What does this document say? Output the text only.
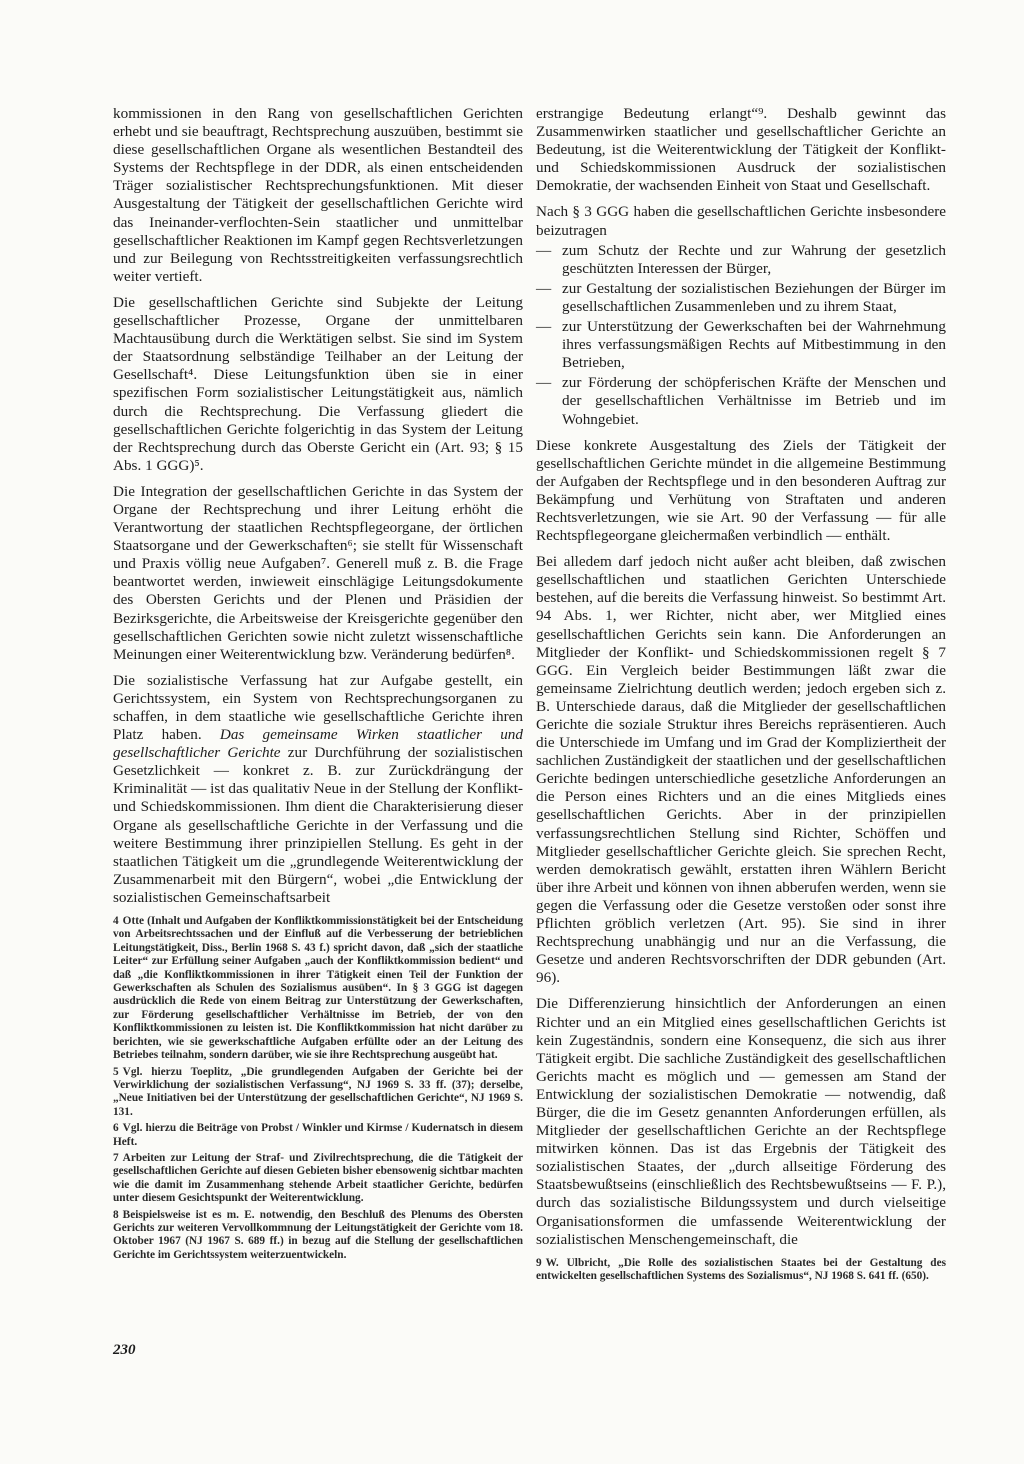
kommissionen in den Rang von gesellschaftlichen Gerichten erhebt und sie beauftragt, Rechtsprechung auszuüben, bestimmt sie diese gesellschaftlichen Organe als wesentlichen Bestandteil des Systems der Rechtspflege in der DDR, als einen entscheidenden Träger sozialistischer Rechtsprechungsfunktionen. Mit dieser Ausgestaltung der Tätigkeit der gesellschaftlichen Gerichte wird das Ineinander-verflochten-Sein staatlicher und unmittelbar gesellschaftlicher Reaktionen im Kampf gegen Rechtsverletzungen und zur Beilegung von Rechtsstreitigkeiten verfassungsrechtlich weiter vertieft.

Die gesellschaftlichen Gerichte sind Subjekte der Leitung gesellschaftlicher Prozesse, Organe der unmittelbaren Machtausübung durch die Werktätigen selbst. Sie sind im System der Staatsordnung selbständige Teilhaber an der Leitung der Gesellschaft⁴. Diese Leitungsfunktion üben sie in einer spezifischen Form sozialistischer Leitungstätigkeit aus, nämlich durch die Rechtsprechung. Die Verfassung gliedert die gesellschaftlichen Gerichte folgerichtig in das System der Leitung der Rechtsprechung durch das Oberste Gericht ein (Art. 93; § 15 Abs. 1 GGG)⁵.

Die Integration der gesellschaftlichen Gerichte in das System der Organe der Rechtsprechung und ihrer Leitung erhöht die Verantwortung der staatlichen Rechtspflegeorgane, der örtlichen Staatsorgane und der Gewerkschaften⁶; sie stellt für Wissenschaft und Praxis völlig neue Aufgaben⁷. Generell muß z. B. die Frage beantwortet werden, inwieweit einschlägige Leitungsdokumente des Obersten Gerichts und der Plenen und Präsidien der Bezirksgerichte, die Arbeitsweise der Kreisgerichte gegenüber den gesellschaftlichen Gerichten sowie nicht zuletzt wissenschaftliche Meinungen einer Weiterentwicklung bzw. Veränderung bedürfen⁸.

Die sozialistische Verfassung hat zur Aufgabe gestellt, ein Gerichtssystem, ein System von Rechtsprechungsorganen zu schaffen, in dem staatliche wie gesellschaftliche Gerichte ihren Platz haben. Das gemeinsame Wirken staatlicher und gesellschaftlicher Gerichte zur Durchführung der sozialistischen Gesetzlichkeit — konkret z. B. zur Zurückdrängung der Kriminalität — ist das qualitativ Neue in der Stellung der Konflikt- und Schiedskommissionen. Ihm dient die Charakterisierung dieser Organe als gesellschaftliche Gerichte in der Verfassung und die weitere Bestimmung ihrer prinzipiellen Stellung. Es geht in der staatlichen Tätigkeit um die „grundlegende Weiterentwicklung der Zusammenarbeit mit den Bürgern“, wobei „die Entwicklung der sozialistischen Gemeinschaftsarbeit

4 Otte (Inhalt und Aufgaben der Konfliktkommissionstätigkeit bei der Entscheidung von Arbeitsrechtssachen und der Einfluß auf die Verbesserung der betrieblichen Leitungstätigkeit, Diss., Berlin 1968 S. 43 f.) spricht davon, daß „sich der staatliche Leiter“ zur Erfüllung seiner Aufgaben „auch der Konfliktkommission bedient“ und daß „die Konfliktkommissionen in ihrer Tätigkeit einen Teil der Funktion der Gewerkschaften als Schulen des Sozialismus ausüben“. In § 3 GGG ist dagegen ausdrücklich die Rede von einem Beitrag zur Unterstützung der Gewerkschaften, zur Förderung gesellschaftlicher Verhältnisse im Betrieb, der von den Konfliktkommissionen zu leisten ist. Die Konfliktkommission hat nicht darüber zu berichten, wie sie gewerkschaftliche Aufgaben erfüllte oder an der Leitung des Betriebes teilnahm, sondern darüber, wie sie ihre Rechtsprechung ausgeübt hat.

5 Vgl. hierzu Toeplitz, „Die grundlegenden Aufgaben der Gerichte bei der Verwirklichung der sozialistischen Verfassung“, NJ 1969 S. 33 ff. (37); derselbe, „Neue Initiativen bei der Unterstützung der gesellschaftlichen Gerichte“, NJ 1969 S. 131.

6 Vgl. hierzu die Beiträge von Probst / Winkler und Kirmse / Kudernatsch in diesem Heft.

7 Arbeiten zur Leitung der Straf- und Zivilrechtsprechung, die die Tätigkeit der gesellschaftlichen Gerichte auf diesen Gebieten bisher ebensowenig sichtbar machten wie die damit im Zusammenhang stehende Arbeit staatlicher Gerichte, bedürfen unter diesem Gesichtspunkt der Weiterentwicklung.

8 Beispielsweise ist es m. E. notwendig, den Beschluß des Plenums des Obersten Gerichts zur weiteren Vervollkommnung der Leitungstätigkeit der Gerichte vom 18. Oktober 1967 (NJ 1967 S. 689 ff.) in bezug auf die Stellung der gesellschaftlichen Gerichte im Gerichtssystem weiterzuentwickeln.

erstrangige Bedeutung erlangt“⁹. Deshalb gewinnt das Zusammenwirken staatlicher und gesellschaftlicher Gerichte an Bedeutung, ist die Weiterentwicklung der Tätigkeit der Konflikt- und Schiedskommissionen Ausdruck der sozialistischen Demokratie, der wachsenden Einheit von Staat und Gesellschaft.

Nach § 3 GGG haben die gesellschaftlichen Gerichte insbesondere beizutragen

— zum Schutz der Rechte und zur Wahrung der gesetzlich geschützten Interessen der Bürger,
— zur Gestaltung der sozialistischen Beziehungen der Bürger im gesellschaftlichen Zusammenleben und zu ihrem Staat,
— zur Unterstützung der Gewerkschaften bei der Wahrnehmung ihres verfassungsmäßigen Rechts auf Mitbestimmung in den Betrieben,
— zur Förderung der schöpferischen Kräfte der Menschen und der gesellschaftlichen Verhältnisse im Betrieb und im Wohngebiet.

Diese konkrete Ausgestaltung des Ziels der Tätigkeit der gesellschaftlichen Gerichte mündet in die allgemeine Bestimmung der Aufgaben der Rechtspflege und in den besonderen Auftrag zur Bekämpfung und Verhütung von Straftaten und anderen Rechtsverletzungen, wie sie Art. 90 der Verfassung — für alle Rechtspflegeorgane gleichermaßen verbindlich — enthält.

Bei alledem darf jedoch nicht außer acht bleiben, daß zwischen gesellschaftlichen und staatlichen Gerichten Unterschiede bestehen, auf die bereits die Verfassung hinweist. So bestimmt Art. 94 Abs. 1, wer Richter, nicht aber, wer Mitglied eines gesellschaftlichen Gerichts sein kann. Die Anforderungen an Mitglieder der Konflikt- und Schiedskommissionen regelt § 7 GGG. Ein Vergleich beider Bestimmungen läßt zwar die gemeinsame Zielrichtung deutlich werden; jedoch ergeben sich z. B. Unterschiede daraus, daß die Mitglieder der gesellschaftlichen Gerichte die soziale Struktur ihres Bereichs repräsentieren. Auch die Unterschiede im Umfang und im Grad der Kompliziertheit der sachlichen Zuständigkeit der staatlichen und der gesellschaftlichen Gerichte bedingen unterschiedliche gesetzliche Anforderungen an die Person eines Richters und an die eines Mitglieds eines gesellschaftlichen Gerichts. Aber in der prinzipiellen verfassungsrechtlichen Stellung sind Richter, Schöffen und Mitglieder gesellschaftlicher Gerichte gleich. Sie sprechen Recht, werden demokratisch gewählt, erstatten ihren Wählern Bericht über ihre Arbeit und können von ihnen abberufen werden, wenn sie gegen die Verfassung oder die Gesetze verstoßen oder sonst ihre Pflichten gröblich verletzen (Art. 95). Sie sind in ihrer Rechtsprechung unabhängig und nur an die Verfassung, die Gesetze und anderen Rechtsvorschriften der DDR gebunden (Art. 96).

Die Differenzierung hinsichtlich der Anforderungen an einen Richter und an ein Mitglied eines gesellschaftlichen Gerichts ist kein Zugeständnis, sondern eine Konsequenz, die sich aus ihrer Tätigkeit ergibt. Die sachliche Zuständigkeit des gesellschaftlichen Gerichts macht es möglich und — gemessen am Stand der Entwicklung der sozialistischen Demokratie — notwendig, daß Bürger, die die im Gesetz genannten Anforderungen erfüllen, als Mitglieder der gesellschaftlichen Gerichte an der Rechtspflege mitwirken können. Das ist das Ergebnis der Tätigkeit des sozialistischen Staates, der „durch allseitige Förderung des Staatsbewußtseins (einschließlich des Rechtsbewußtseins — F. P.), durch das sozialistische Bildungssystem und durch vielseitige Organisationsformen die umfassende Weiterentwicklung der sozialistischen Menschengemeinschaft, die

9 W. Ulbricht, „Die Rolle des sozialistischen Staates bei der Gestaltung des entwickelten gesellschaftlichen Systems des Sozialismus“, NJ 1968 S. 641 ff. (650).

230
